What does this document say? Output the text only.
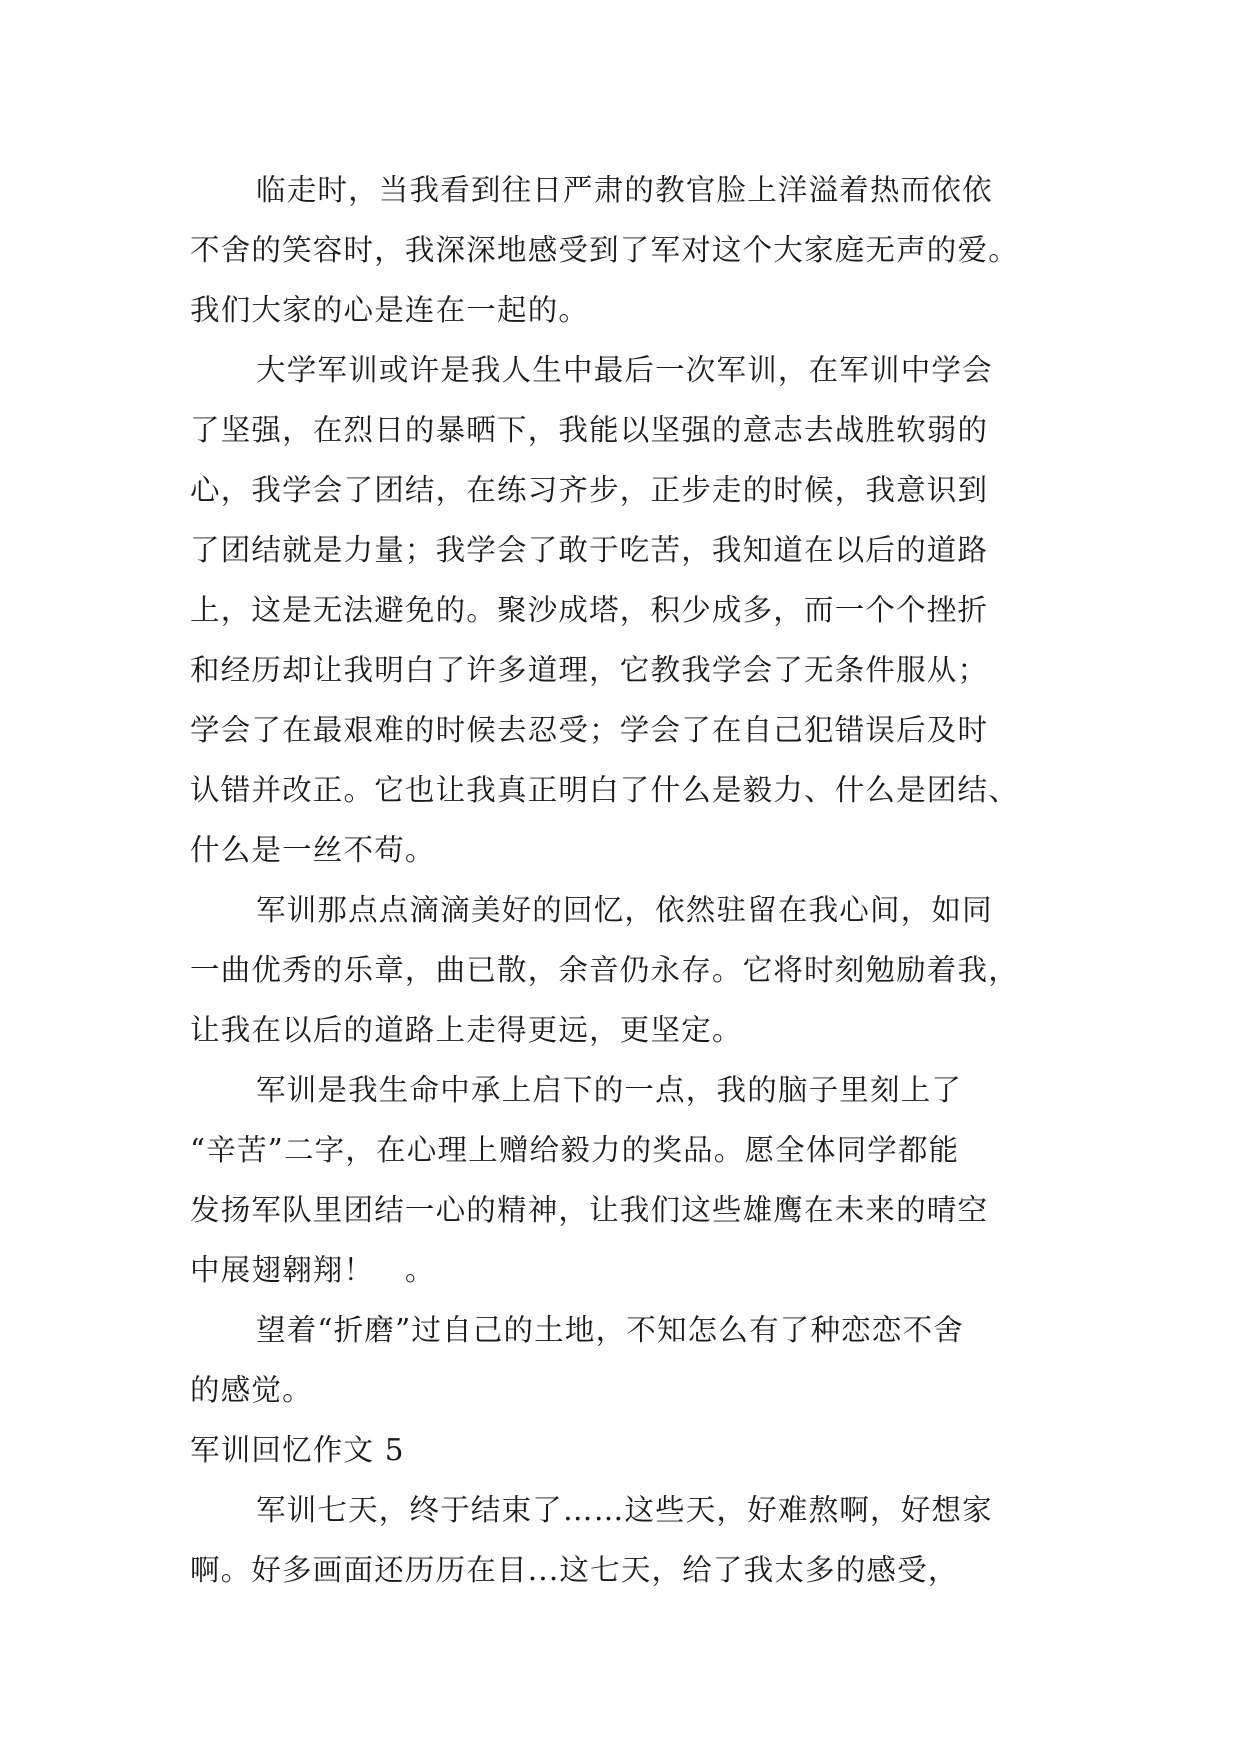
临走时，当我看到往日严肃的教官脸上洋溢着热而依依
不舍的笑容时，我深深地感受到了军对这个大家庭无声的爱。
我们大家的心是连在一起的。
大学军训或许是我人生中最后一次军训，在军训中学会
了坚强，在烈日的暴晒下，我能以坚强的意志去战胜软弱的
心，我学会了团结，在练习齐步，正步走的时候，我意识到
了团结就是力量；我学会了敢于吃苦，我知道在以后的道路
上，这是无法避免的。聚沙成塔，积少成多，而一个个挫折
和经历却让我明白了许多道理，它教我学会了无条件服从；
学会了在最艰难的时候去忍受；学会了在自己犯错误后及时
认错并改正。它也让我真正明白了什么是毅力、什么是团结、
什么是一丝不苟。
军训那点点滴滴美好的回忆，依然驻留在我心间，如同
一曲优秀的乐章，曲已散，余音仍永存。它将时刻勉励着我，
让我在以后的道路上走得更远，更坚定。
军训是我生命中承上启下的一点，我的脑子里刻上了
“辛苦”二字，在心理上赠给毅力的奖品。愿全体同学都能
发扬军队里团结一心的精神，让我们这些雄鹰在未来的晴空
中展翅翱翔！　。
望着“折磨”过自己的土地，不知怎么有了种恋恋不舍
的感觉。
军训回忆作文 5
军训七天，终于结束了……这些天，好难熬啊，好想家
啊。好多画面还历历在目...这七天，给了我太多的感受，
